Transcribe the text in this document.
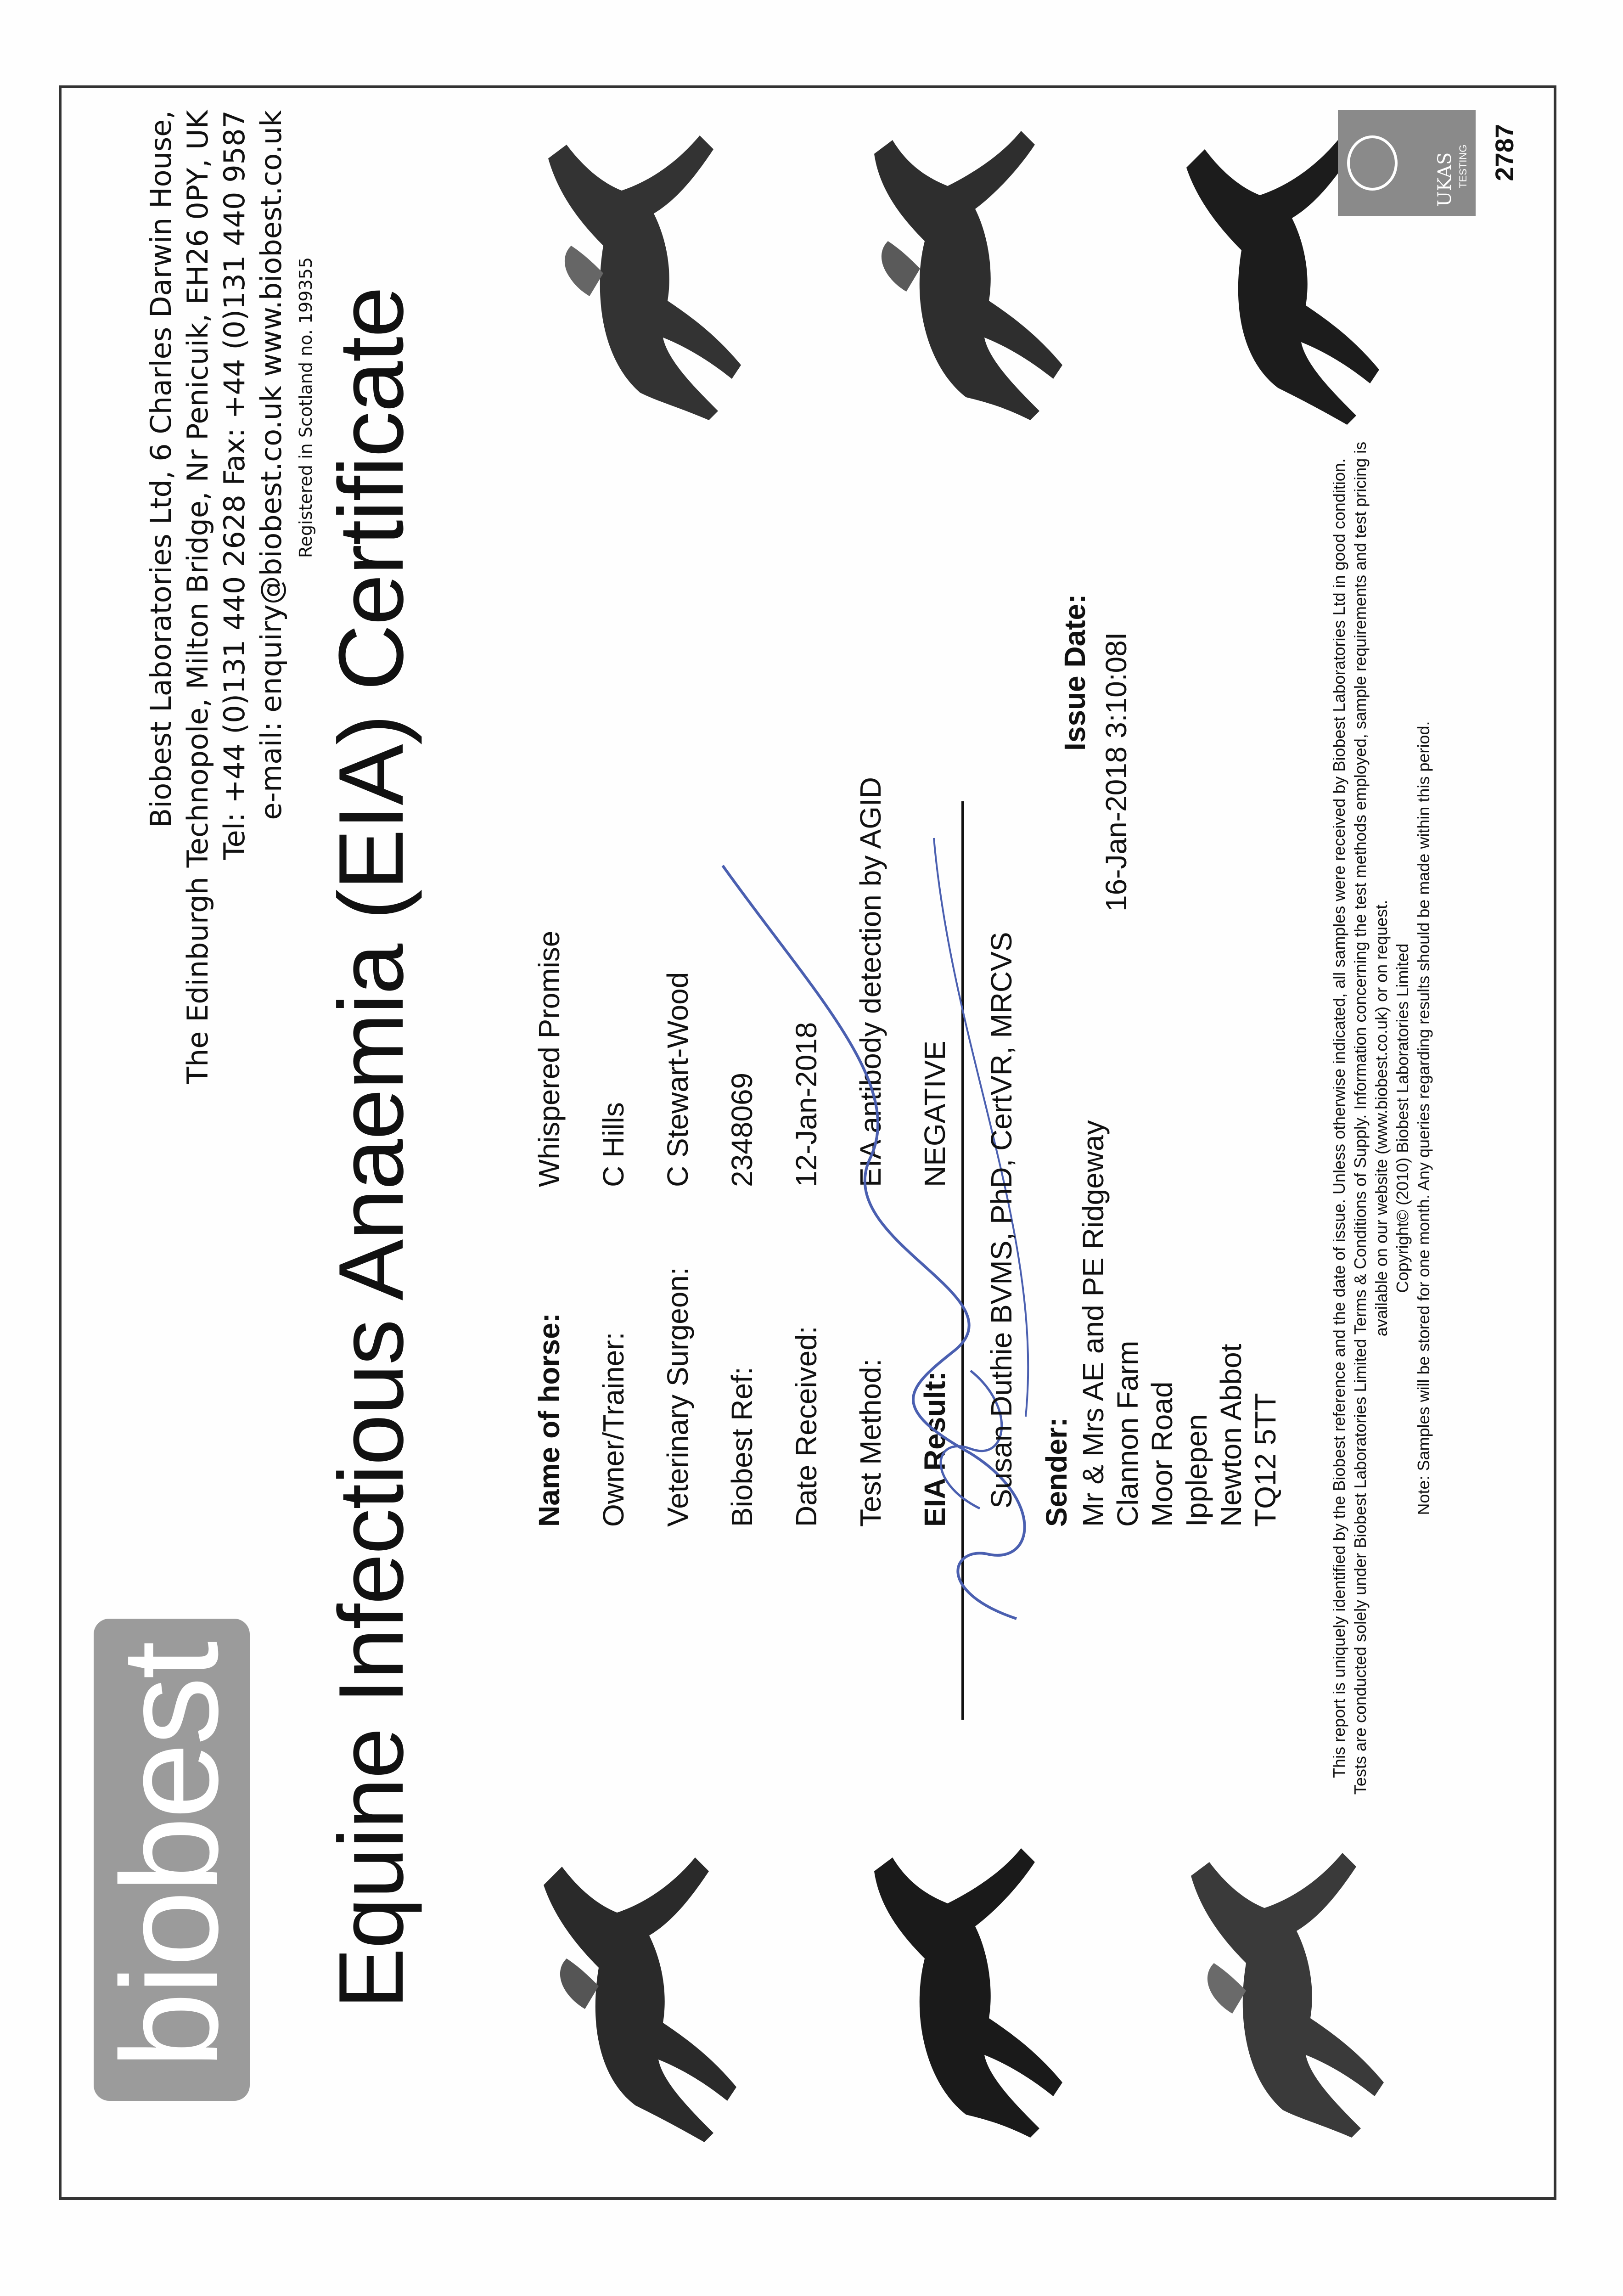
biobest
Biobest Laboratories Ltd, 6 Charles Darwin House, The Edinburgh Technopole, Milton Bridge, Nr Penicuik, EH26 0PY, UK Tel: +44 (0)131 440 2628 Fax: +44 (0)131 440 9587 e-mail: enquiry@biobest.co.uk www.biobest.co.uk Registered in Scotland no. 199355 Equine Infectious Anaemia (EIA) Certificate	Name of horse:
Whispered Promise
Owner/Trainer:
C Hills
Veterinary Surgeon:
C Stewart-Wood
Biobest Ref:
2348069
Date Received:
12-Jan-2018
Test Method:
EIA antibody detection by AGID
EIA Result:
NEGATIVE Susan Duthie BVMS, PhD, CertVR, MRCVS
Issue Date: 16-Jan-2018 3:10:08I
Sender: Mr & Mrs AE and PE Ridgeway Clannon Farm Moor Road Ipplepen Newton Abbot TQ12 5TT	This report is uniquely identified by the Biobest reference and the date of issue. Unless otherwise indicated, all samples were received by Biobest Laboratories Ltd in good condition. Tests are conducted solely under Biobest Laboratories Limited Terms & Conditions of Supply. Information concerning the test methods employed, sample requirements and test pricing is available on our website (www.biobest.co.uk) or on request. Copyright© (2010) Biobest Laboratories Limited Note: Samples will be stored for one month. Any queries regarding results should be made within this period.
UKAS TESTING 2787
